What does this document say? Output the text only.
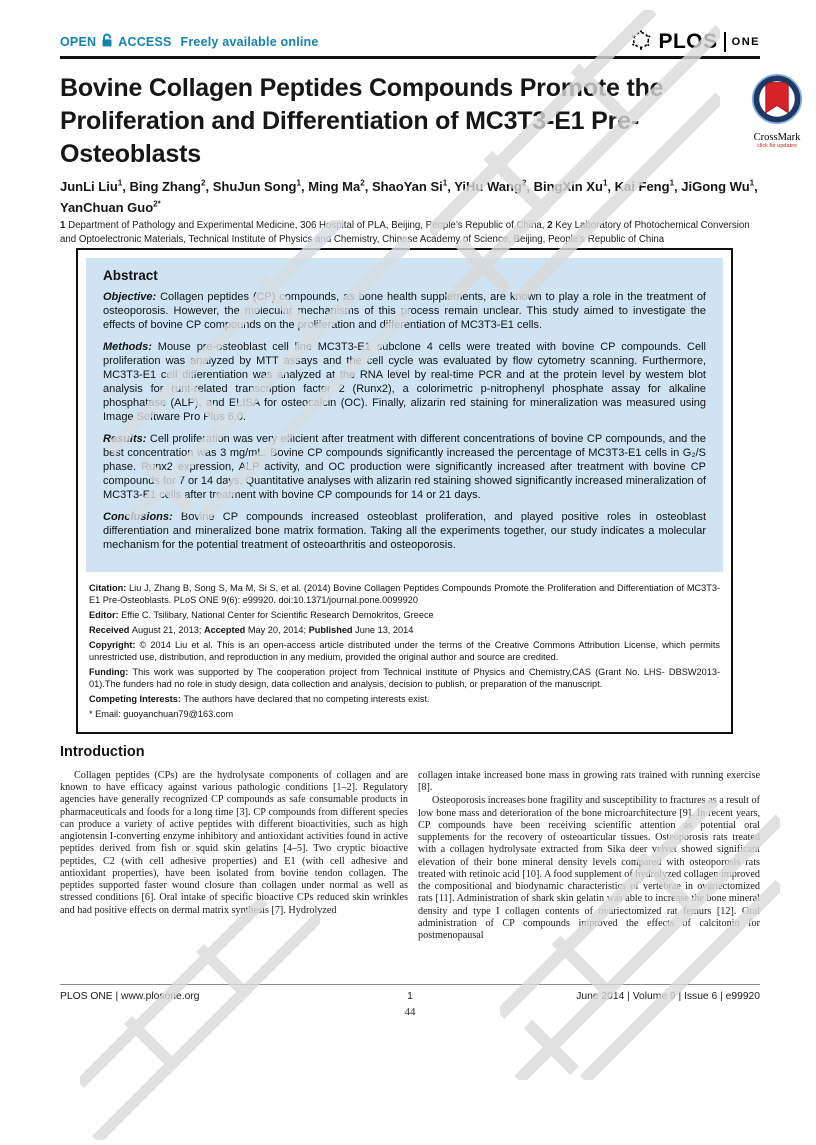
OPEN ACCESS Freely available online	PLOS ONE
Bovine Collagen Peptides Compounds Promote the Proliferation and Differentiation of MC3T3-E1 Pre-Osteoblasts
CrossMark
click for updates
JunLi Liu$^1$, Bing Zhang$^2$, ShuJun Song$^1$, Ming Ma$^2$, ShaoYan Si$^1$, YiHu Wang$^2$, BingXin Xu$^1$, Kai Feng$^1$, JiGong Wu$^1$, YanChuan Guo$^{2*}$
1 Department of Pathology and Experimental Medicine, 306 Hospital of PLA, Beijing, People’s Republic of China, 2 Key Laboratory of Photochemical Conversion and Optoelectronic Materials, Technical Institute of Physics and Chemistry, Chinese Academy of Science, Beijing, People’s Republic of China
Abstract

Objective: Collagen peptides (CP) compounds, as bone health supplements, are known to play a role in the treatment of osteoporosis. However, the molecular mechanisms of this process remain unclear. This study aimed to investigate the effects of bovine CP compounds on the proliferation and differentiation of MC3T3-E1 cells.

Methods: Mouse pre-osteoblast cell line MC3T3-E1 subclone 4 cells were treated with bovine CP compounds. Cell proliferation was analyzed by MTT assays and the cell cycle was evaluated by flow cytometry scanning. Furthermore, MC3T3-E1 cell differentiation was analyzed at the RNA level by real-time PCR and at the protein level by westem blot analysis for runt-related transcription factor 2 (Runx2), a colorimetric p-nitrophenyl phosphate assay for alkaline phosphatase (ALP), and ELISA for osteocalcin (OC). Finally, alizarin red staining for mineralization was measured using Image Software Pro Plus 6.0.

Results: Cell proliferation was very efficient after treatment with different concentrations of bovine CP compounds, and the best concentration was 3 mg/mL. Bovine CP compounds significantly increased the percentage of MC3T3-E1 cells in G₂/S phase. Runx2 expression, ALP activity, and OC production were significantly increased after treatment with bovine CP compounds for 7 or 14 days. Quantitative analyses with alizarin red staining showed significantly increased mineralization of MC3T3-E1 cells after treatment with bovine CP compounds for 14 or 21 days.

Conclusions: Bovine CP compounds increased osteoblast proliferation, and played positive roles in osteoblast differentiation and mineralized bone matrix formation. Taking all the experiments together, our study indicates a molecular mechanism for the potential treatment of osteoarthritis and osteoporosis.

Citation: Liu J, Zhang B, Song S, Ma M, Si S, et al. (2014) Bovine Collagen Peptides Compounds Promote the Proliferation and Differentiation of MC3T3-E1 Pre-Osteoblasts. PLoS ONE 9(6): e99920. doi:10.1371/journal.pone.0099920

Editor: Effie C. Tsilibary, National Center for Scientific Research Demokritos, Greece

Received August 21, 2013; Accepted May 20, 2014; Published June 13, 2014

Copyright: © 2014 Liu et al. This is an open-access article distributed under the terms of the Creative Commons Attribution License, which permits unrestricted use, distribution, and reproduction in any medium, provided the original author and source are credited.

Funding: This work was supported by The cooperation project from Technical institute of Physics and Chemistry,CAS (Grant No. LHS- DBSW2013-01).The funders had no role in study design, data collection and analysis, decision to publish, or preparation of the manuscript.

Competing Interests: The authors have declared that no competing interests exist.

* Email: guoyanchuan79@163.com

Introduction

Collagen peptides (CPs) are the hydrolysate components of collagen and are known to have efficacy against various pathologic conditions [1–2]. Regulatory agencies have generally recognized CP compounds as safe consumable products in pharmaceuticals and foods for a long time [3]. CP compounds from different species can produce a variety of active peptides with different bioactivities, such as high angiotensin I-converting enzyme inhibitory and antioxidant activities found in active peptides derived from fish or squid skin gelatins [4–5]. Two cryptic bioactive peptides, C2 (with cell adhesive properties) and E1 (with cell adhesive and antioxidant properties), have been isolated from bovine tendon collagen. The peptides supported faster wound closure than collagen under normal as well as stressed conditions [6]. Oral intake of specific bioactive CPs reduced skin wrinkles and had positive effects on dermal matrix synthesis [7]. Hydrolyzed

collagen intake increased bone mass in growing rats trained with running exercise [8].

Osteoporosis increases bone fragility and susceptibility to fractures as a result of low bone mass and deterioration of the bone microarchitecture [9]. In recent years, CP compounds have been receiving scientific attention as potential oral supplements for the recovery of osteoarticular tissues. Osteoporosis rats treated with a collagen hydrolysate extracted from Sika deer velvet showed significant elevation of their bone mineral density levels compared with osteoporosis rats treated with retinoic acid [10]. A food supplement of hydrolyzed collagen improved the compositional and biodynamic characteristics of vertebrae in ovariectomized rats [11]. Administration of shark skin gelatin was able to increase the bone mineral density and type I collagen contents of ovariectomized rat femurs [12]. Oral administration of CP compounds improved the effects of calcitonin for postmenopausal

PLOS ONE | www.plosone.org	1	June 2014 | Volume 9 | Issue 6 | e99920
44
